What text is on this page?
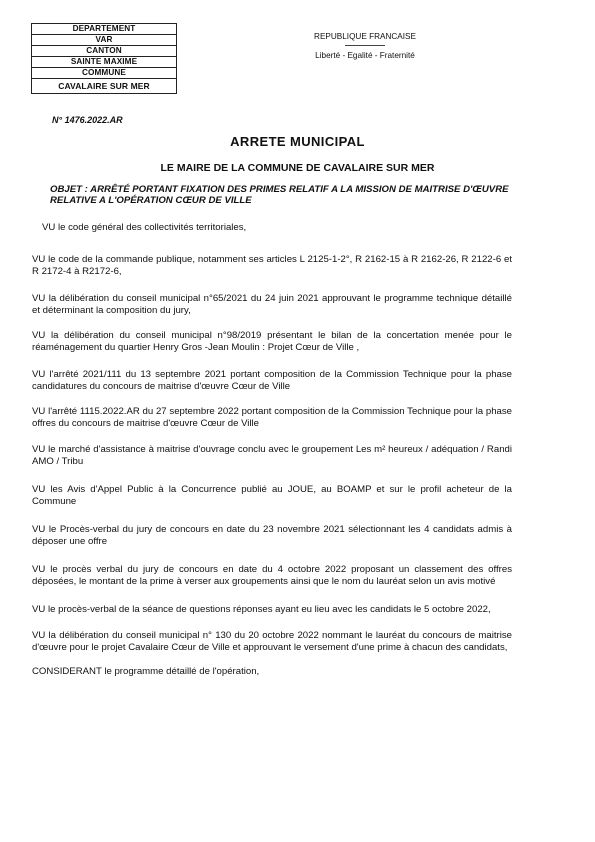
DEPARTEMENT
VAR
CANTON
SAINTE MAXIME
COMMUNE
CAVALAIRE SUR MER
REPUBLIQUE FRANCAISE
Liberté - Egalité - Fraternité
N° 1476.2022.AR
ARRETE MUNICIPAL
LE MAIRE DE LA COMMUNE DE CAVALAIRE SUR MER
OBJET : ARRÊTÉ PORTANT FIXATION DES PRIMES RELATIF A LA MISSION DE MAITRISE D'ŒUVRE RELATIVE A L'OPÉRATION CŒUR DE VILLE

VU le code général des collectivités territoriales,

VU le code de la commande publique, notamment ses articles L 2125-1-2°, R 2162-15 à R 2162-26, R 2122-6 et R 2172-4 à R2172-6,

VU la délibération du conseil municipal n°65/2021 du 24 juin 2021 approuvant le programme technique détaillé et déterminant la composition du jury,

VU la délibération du conseil municipal n°98/2019 présentant le bilan de la concertation menée pour le réaménagement du quartier Henry Gros -Jean Moulin : Projet Cœur de Ville ,

VU l'arrêté 2021/111 du 13 septembre 2021 portant composition de la Commission Technique pour la phase candidatures du concours de maitrise d'œuvre Cœur de Ville

VU l'arrêté 1115.2022.AR du 27 septembre 2022 portant composition de la Commission Technique pour la phase offres du concours de maitrise d'œuvre Cœur de Ville

VU le marché d'assistance à maitrise d'ouvrage conclu avec le groupement Les m² heureux / adéquation / Randi AMO / Tribu

VU les Avis d'Appel Public à la Concurrence publié au JOUE, au BOAMP et sur le profil acheteur de la Commune

VU le Procès-verbal du jury de concours en date du 23 novembre 2021 sélectionnant les 4 candidats admis à déposer une offre

VU le procès verbal du jury de concours en date du 4 octobre 2022 proposant un classement des offres déposées, le montant de la prime à verser aux groupements ainsi que le nom du lauréat selon un avis motivé

VU le procès-verbal de la séance de questions réponses ayant eu lieu avec les candidats le 5 octobre 2022,

VU la délibération du conseil municipal n° 130 du 20 octobre 2022 nommant le lauréat du concours de maitrise d'œuvre pour le projet Cavalaire Cœur de Ville et approuvant le versement d'une prime à chacun des candidats,

CONSIDERANT le programme détaillé de l'opération,
